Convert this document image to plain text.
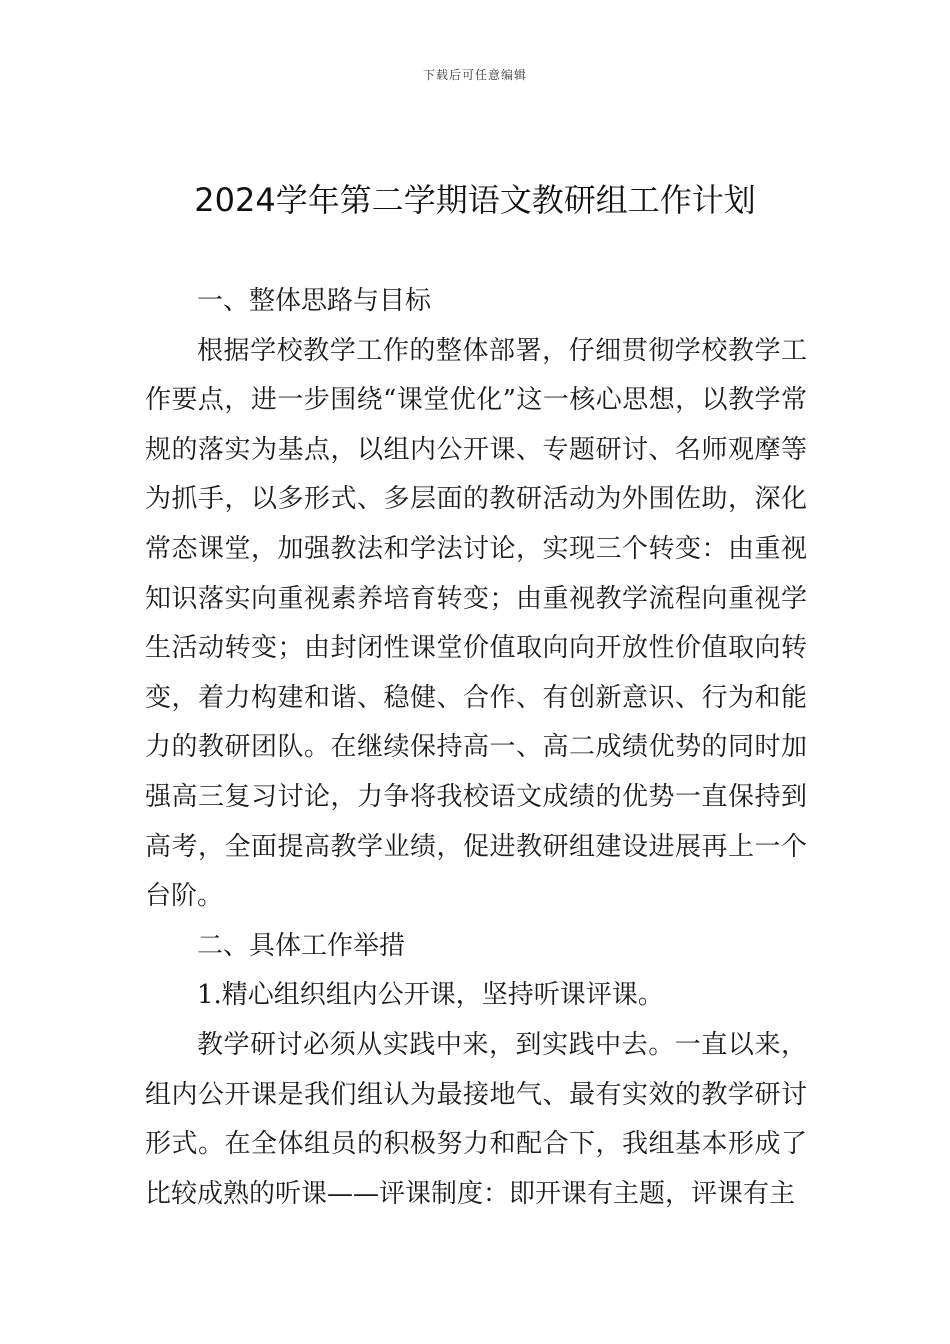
下载后可任意编辑
2024学年第二学期语文教研组工作计划

一、整体思路与目标

根据学校教学工作的整体部署，仔细贯彻学校教学工作要点，进一步围绕“课堂优化”这一核心思想，以教学常规的落实为基点，以组内公开课、专题研讨、名师观摩等为抓手，以多形式、多层面的教研活动为外围佐助，深化常态课堂，加强教法和学法讨论，实现三个转变：由重视知识落实向重视素养培育转变；由重视教学流程向重视学生活动转变；由封闭性课堂价值取向向开放性价值取向转变，着力构建和谐、稳健、合作、有创新意识、行为和能力的教研团队。在继续保持高一、高二成绩优势的同时加强高三复习讨论，力争将我校语文成绩的优势一直保持到高考，全面提高教学业绩，促进教研组建设进展再上一个台阶。

二、具体工作举措

1.精心组织组内公开课，坚持听课评课。

教学研讨必须从实践中来，到实践中去。一直以来，组内公开课是我们组认为最接地气、最有实效的教学研讨形式。在全体组员的积极努力和配合下，我组基本形成了比较成熟的听课——评课制度：即开课有主题，评课有主
